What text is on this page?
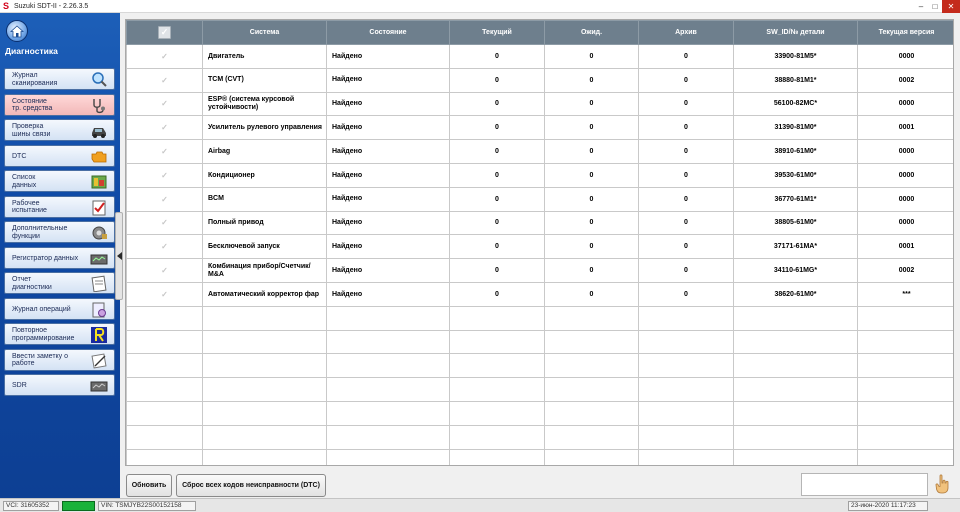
S Suzuki SDT-II - 2.26.3.5	–	□	✕
Диагностика
Журнал
сканирования
Состояние
тр. средства
Проверка
шины связи
DTC
Список
данных
Рабочее
испытание
Дополнительные
функции
Регистратор данных
Отчет
диагностики
Журнал операций
Повторное
программирование
Ввести заметку о
работе
SDR
✓	Система	Состояние	Текущий	Ожид.	Архив	SW_ID/№ детали	Текущая версия
✓	Двигатель	Найдено	0	0	0	33900-81M5*	0000
✓	TCM (CVT)	Найдено	0	0	0	38880-81M1*	0002
✓	ESP® (система курсовой устойчивости)	Найдено	0	0	0	56100-82MC*	0000
✓	Усилитель рулевого управления	Найдено	0	0	0	31390-81M0*	0001
✓	Airbag	Найдено	0	0	0	38910-61M0*	0000
✓	Кондиционер	Найдено	0	0	0	39530-61M0*	0000
✓	BCM	Найдено	0	0	0	36770-61M1*	0000
✓	Полный привод	Найдено	0	0	0	38805-61M0*	0000
✓	Бесключевой запуск	Найдено	0	0	0	37171-61MA*	0001
✓	Комбинация прибор/Счетчик/ M&A	Найдено	0	0	0	34110-61MG*	0002
✓	Автоматический корректор фар	Найдено	0	0	0	38620-61M0*	***

Обновить	Сброс всех кодов неисправности (DTC)
VCI: 31605352	VIN: TSMJYB22S00152158	23-июн-2020 11:17:23
